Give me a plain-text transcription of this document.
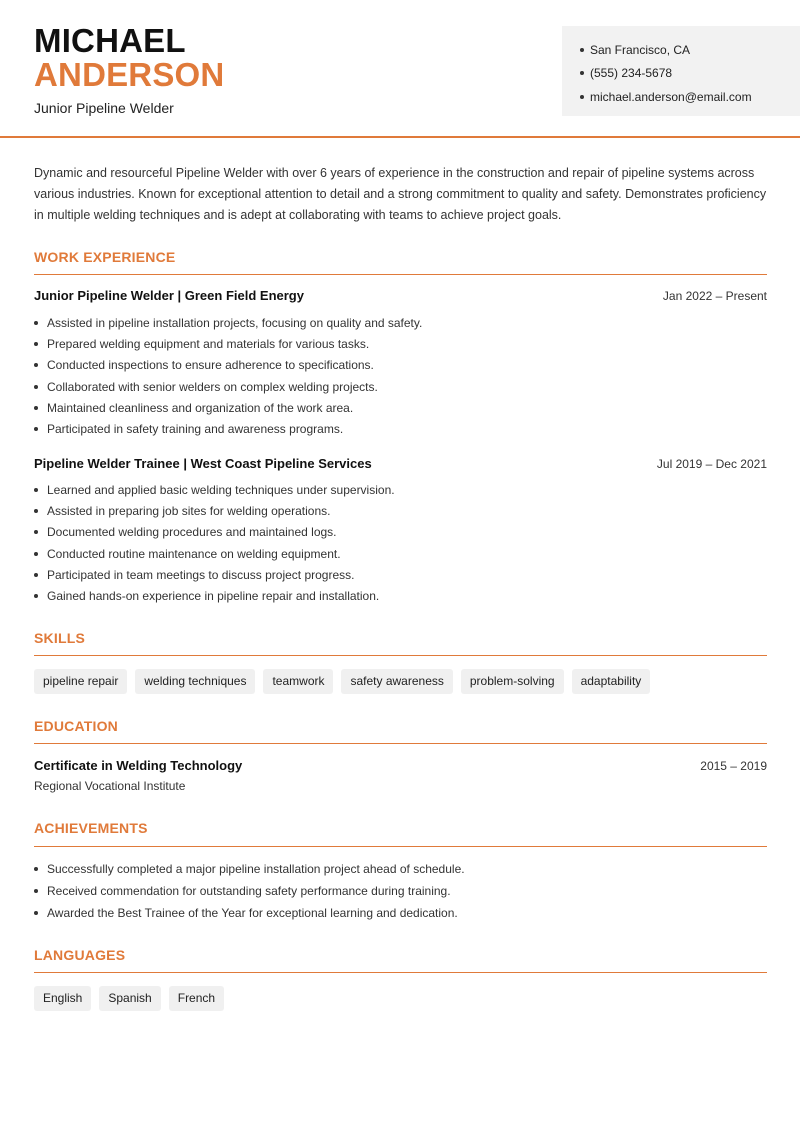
MICHAEL
ANDERSON
Junior Pipeline Welder
San Francisco, CA
(555) 234-5678
michael.anderson@email.com
Dynamic and resourceful Pipeline Welder with over 6 years of experience in the construction and repair of pipeline systems across various industries. Known for exceptional attention to detail and a strong commitment to quality and safety. Demonstrates proficiency in multiple welding techniques and is adept at collaborating with teams to achieve project goals.
WORK EXPERIENCE
Junior Pipeline Welder | Green Field Energy	Jan 2022 – Present
Assisted in pipeline installation projects, focusing on quality and safety.
Prepared welding equipment and materials for various tasks.
Conducted inspections to ensure adherence to specifications.
Collaborated with senior welders on complex welding projects.
Maintained cleanliness and organization of the work area.
Participated in safety training and awareness programs.
Pipeline Welder Trainee | West Coast Pipeline Services	Jul 2019 – Dec 2021
Learned and applied basic welding techniques under supervision.
Assisted in preparing job sites for welding operations.
Documented welding procedures and maintained logs.
Conducted routine maintenance on welding equipment.
Participated in team meetings to discuss project progress.
Gained hands-on experience in pipeline repair and installation.
SKILLS
pipeline repair	welding techniques	teamwork	safety awareness	problem-solving	adaptability
EDUCATION
Certificate in Welding Technology	2015 – 2019
Regional Vocational Institute
ACHIEVEMENTS
Successfully completed a major pipeline installation project ahead of schedule.
Received commendation for outstanding safety performance during training.
Awarded the Best Trainee of the Year for exceptional learning and dedication.
LANGUAGES
English	Spanish	French
